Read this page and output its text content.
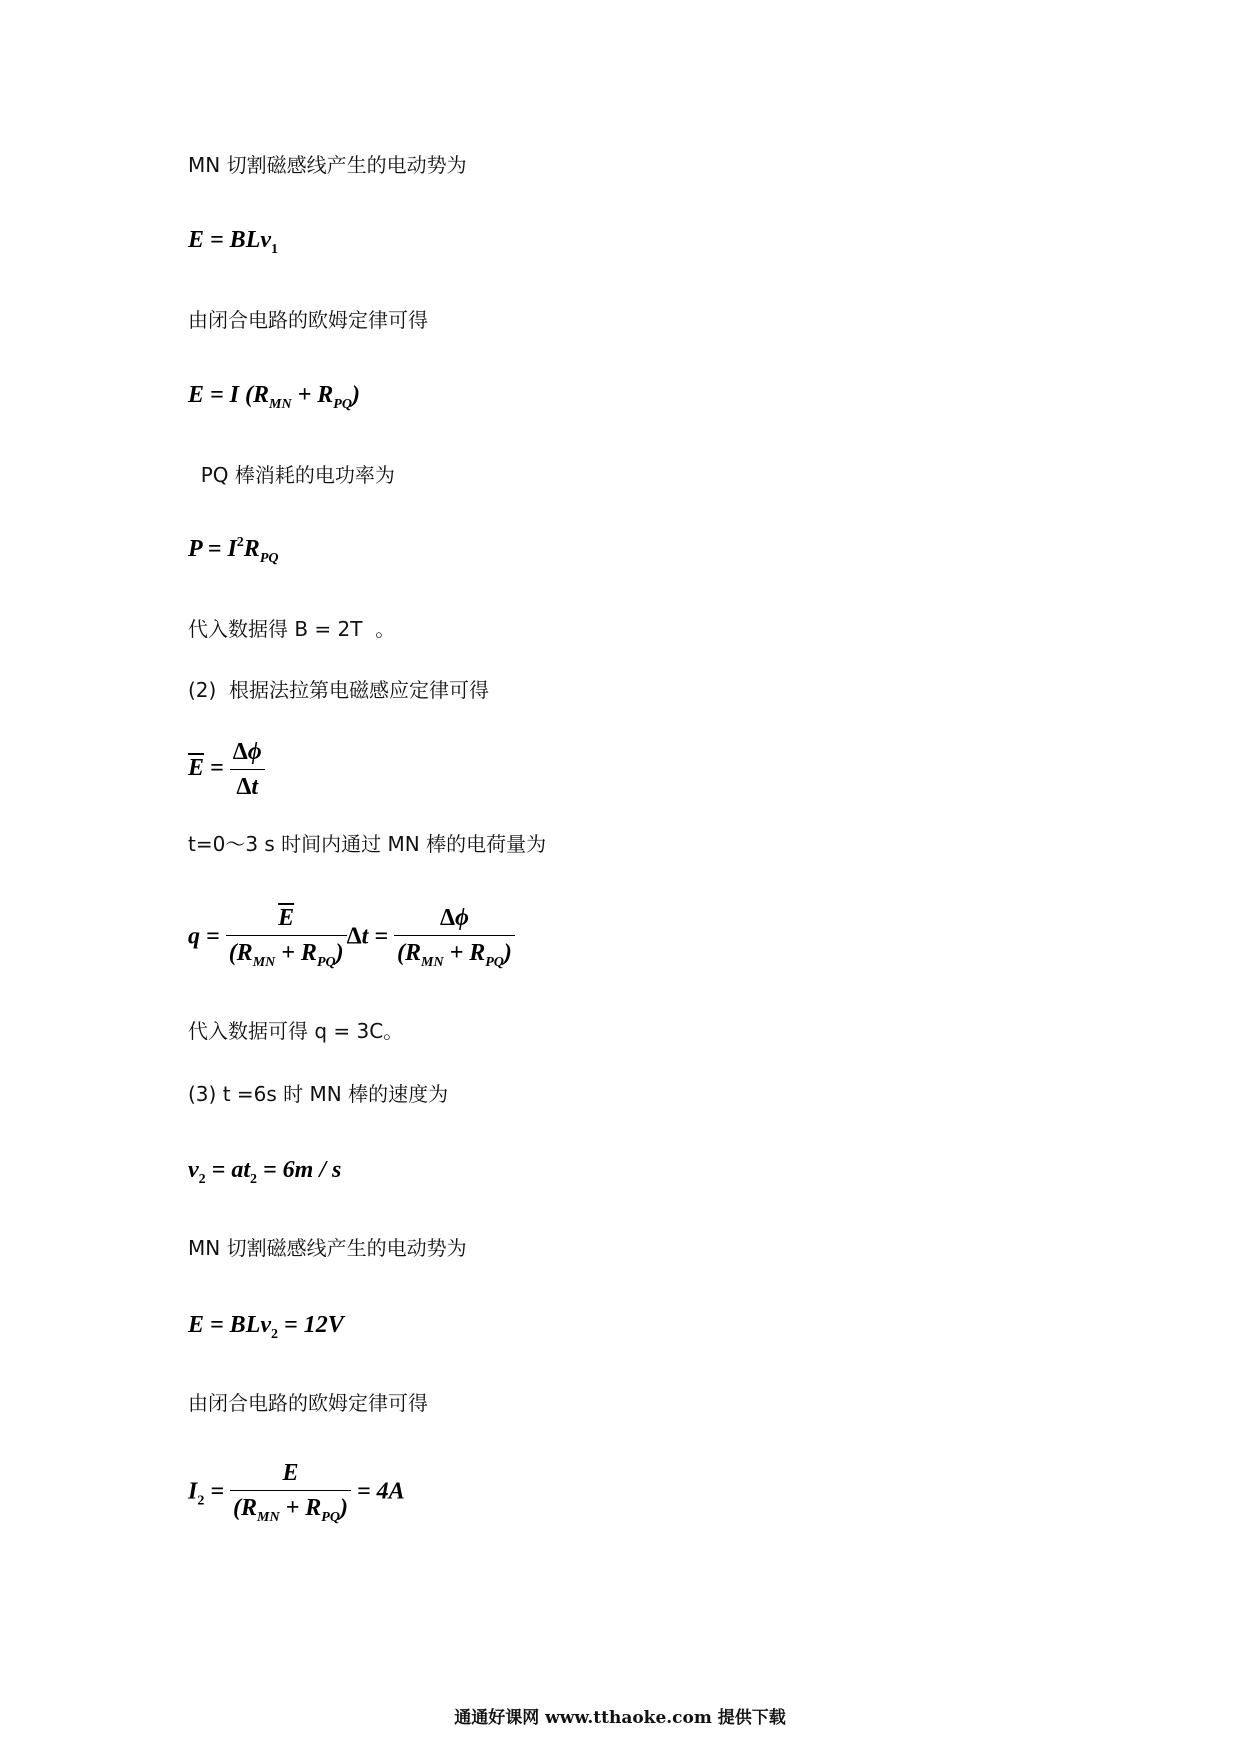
MN 切割磁感线产生的电动势为
E = BLv$_1$
由闭合电路的欧姆定律可得
E = I $(R_{MN} + R_{PQ})$
PQ 棒消耗的电功率为
$P = I^2R_{PQ}$
代入数据得 B = 2T  。
(2)  根据法拉第电磁感应定律可得
$\overline{E} = \frac{\Delta\phi}{\Delta t}$
t=0～3 s 时间内通过 MN 棒的电荷量为
$q = \frac{\overline{E}}{(R_{MN} + R_{PQ})}$ $\Delta t = \frac{\Delta\phi}{(R_{MN} + R_{PQ})}$
代入数据可得 q = 3C。
(3) t =6s 时 MN 棒的速度为
$v_2 = at_2 = 6m / s$
MN 切割磁感线产生的电动势为
E = BLv$_2$ = 12V
由闭合电路的欧姆定律可得
$I_2 = \frac{E}{(R_{MN} + R_{PQ})} = 4A$
通通好课网 www.tthaoke.com 提供下载
